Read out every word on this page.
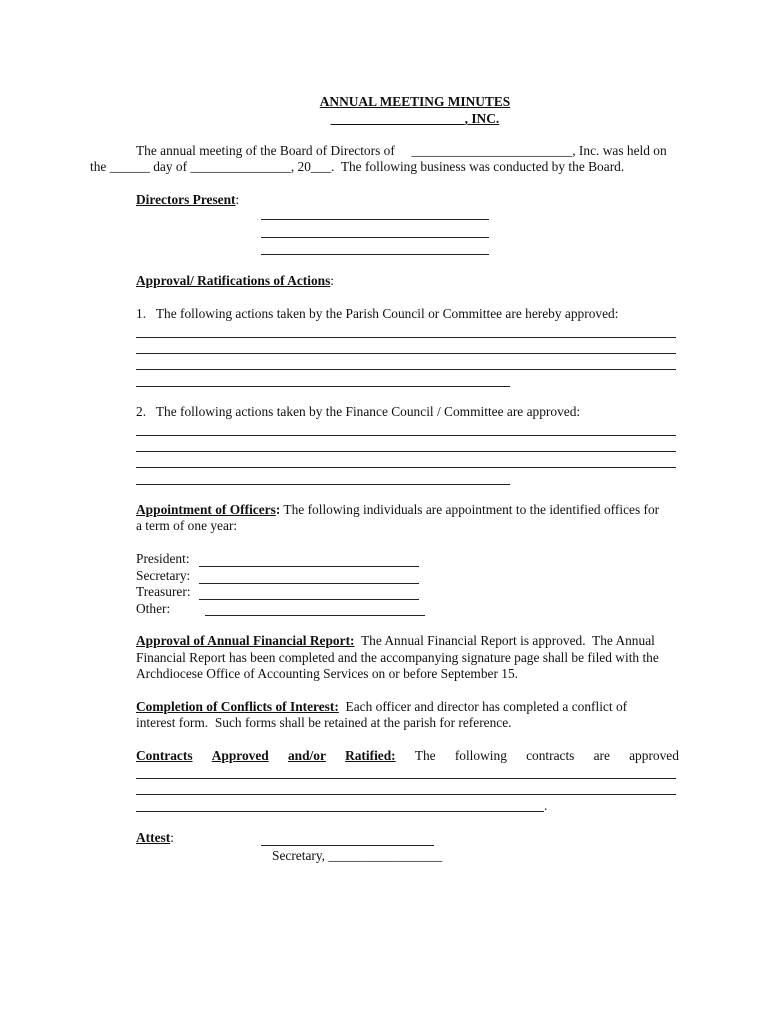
ANNUAL MEETING MINUTES
____________________, INC.
The annual meeting of the Board of Directors of     ________________________, Inc. was held on
the ______ day of _______________, 20___.  The following business was conducted by the Board.
Directors Present:
Approval/ Ratifications of Actions:
1.   The following actions taken by the Parish Council or Committee are hereby approved:
2.   The following actions taken by the Finance Council / Committee are approved:
Appointment of Officers: The following individuals are appointment to the identified offices for
a term of one year:
President:
Secretary:
Treasurer:
Other:
Approval of Annual Financial Report:  The Annual Financial Report is approved.  The Annual
Financial Report has been completed and the accompanying signature page shall be filed with the
Archdiocese Office of Accounting Services on or before September 15.
Completion of Conflicts of Interest:  Each officer and director has completed a conflict of
interest form.  Such forms shall be retained at the parish for reference.
Contracts Approved and/or Ratified: The following contracts are approved
.
Attest:
Secretary, _________________
